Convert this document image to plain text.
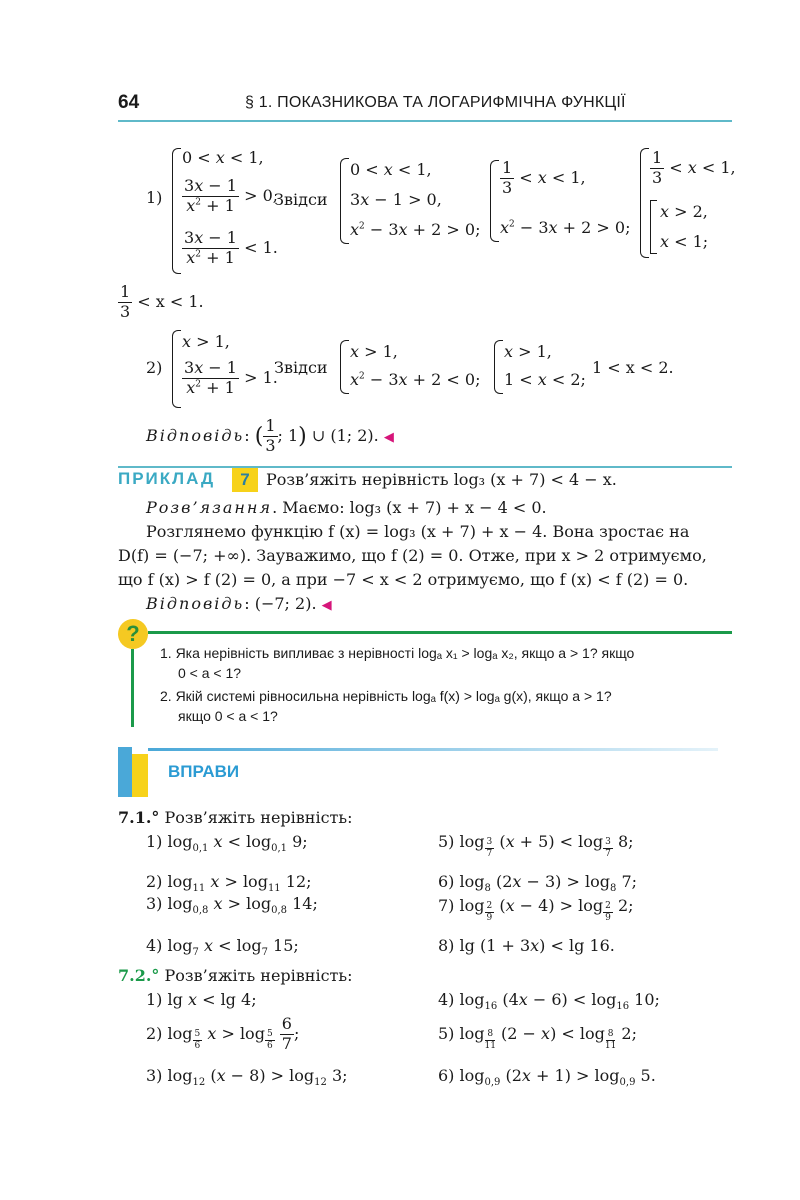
64	§ 1. ПОКАЗНИКОВА ТА ЛОГАРИФМІЧНА ФУНКЦІЇ
1)
0 < x < 1,
$\frac{3x - 1}{x^2 + 1} > 0$,
$\frac{3x - 1}{x^2 + 1} < 1$.
Звідси
0 < x < 1,
3x − 1 > 0,
$x^2 - 3x + 2 > 0$;
$\frac{1}{3} < x < 1$,
$x^2 - 3x + 2 > 0$;
$\frac{1}{3} < x < 1$,
x > 2,
x < 1;
$\frac{1}{3} < x < 1$.
2)
x > 1,
$\frac{3x - 1}{x^2 + 1} > 1$.
Звідси
x > 1,
$x^2 - 3x + 2 < 0$;
x > 1,
1 < x < 2;
1 < x < 2.
Відповідь: ( $\frac{1}{3}$ ; 1) ∪ (1; 2). ◀
ПРИКЛАД	7	Розв’яжіть нерівність log₃ (x + 7) < 4 − x.
Розв’язання. Маємо: log₃ (x + 7) + x − 4 < 0.
Розглянемо функцію f (x) = log₃ (x + 7) + x − 4. Вона зростає на
D(f) = (−7; +∞). Зауважимо, що f (2) = 0. Отже, при x > 2 отримуємо,
що f (x) > f (2) = 0, а при −7 < x < 2 отримуємо, що f (x) < f (2) = 0.
Відповідь: (−7; 2). ◀
?
1. Яка нерівність випливає з нерівності logₐ x₁ > logₐ x₂, якщо a > 1? якщо
0 < a < 1?
2. Якій системі рівносильна нерівність logₐ f(x) > logₐ g(x), якщо a > 1?
якщо 0 < a < 1?
ВПРАВИ
7.1.° Розв’яжіть нерівність:
1) $\log_{0,1} x < \log_{0,1} 9$;
2) $\log_{11} x > \log_{11} 12$;
3) $\log_{0,8} x > \log_{0,8} 14$;
4) $\log_7 x < \log_7 15$;
5) log $_{\frac{3}{7}}$ (x + 5) < log $_{\frac{3}{7}}$ 8;
6) $\log_8 (2x - 3) > \log_8 7$;
7) log $_{\frac{2}{9}}$ (x − 4) > log $_{\frac{2}{9}}$ 2;
8) lg (1 + 3x) < lg 16.
7.2.° Розв’яжіть нерівність:
1) lg x < lg 4;
2) log $_{\frac{5}{6}}$ x > log $_{\frac{5}{6}}$
$\frac{6}{7}$ ;
3) $\log_{12} (x - 8) > \log_{12} 3$;
4) $\log_{16} (4x - 6) < \log_{16} 10$;
5) log $_{\frac{8}{11}}$ (2 − x) < log $_{\frac{8}{11}}$ 2;
6) $\log_{0,9} (2x + 1) > \log_{0,9} 5$.
